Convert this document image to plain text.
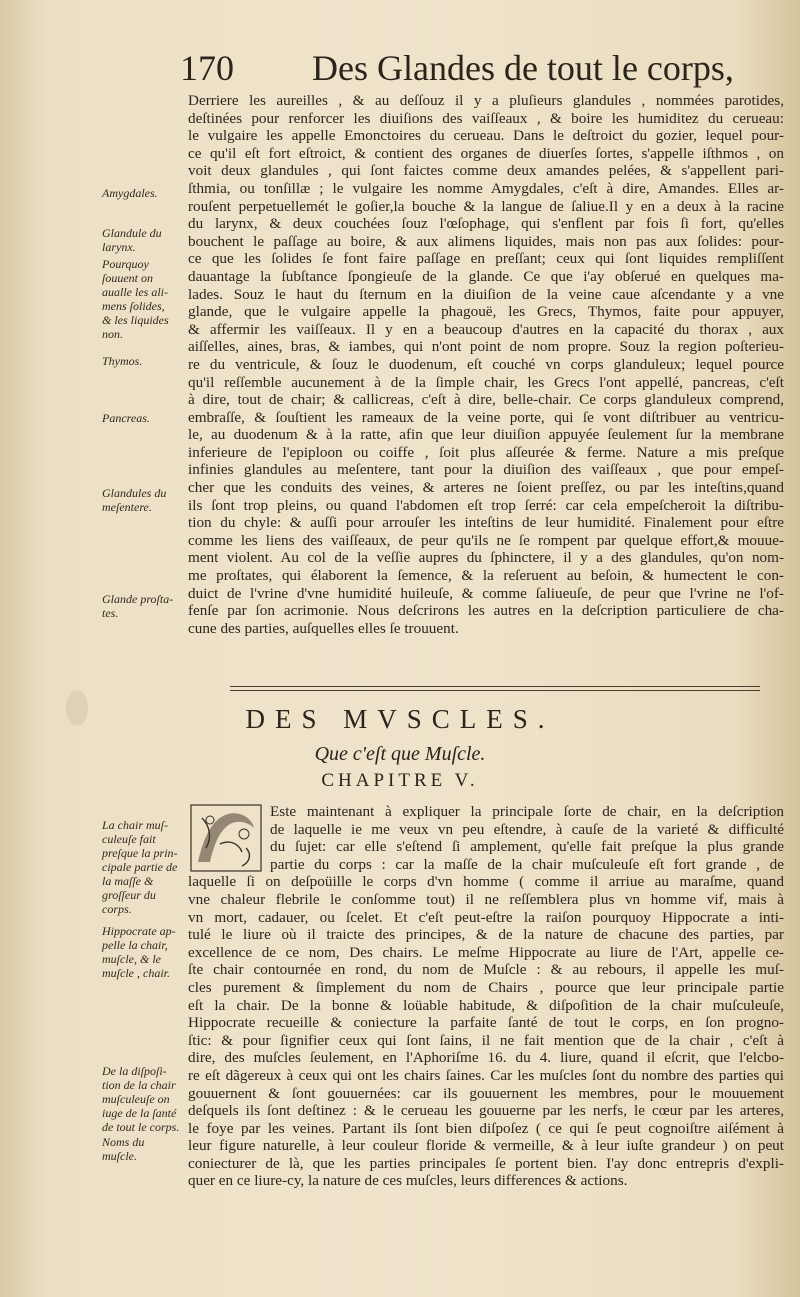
170 Des Glandes de tout le corps,
Derriere les aureilles , & au deſſouz il y a pluſieurs glandules , nommées parotides,
deſtinées pour renforcer les diuiſions des vaiſſeaux , & boire les humiditez du cerueau:
le vulgaire les appelle Emonctoires du cerueau. Dans le deſtroict du gozier, lequel pour-
ce qu'il eſt fort eſtroict, & contient des organes de diuerſes ſortes, s'appelle iſthmos , on
voit deux glandules , qui ſont faictes comme deux amandes pelées, & s'appellent pari-
ſthmia, ou tonſillæ ; le vulgaire les nomme Amygdales, c'eſt à dire, Amandes. Elles ar-
rouſent perpetuellemét le goſier,la bouche & la langue de ſaliue.Il y en a deux à la racine
du larynx, & deux couchées ſouz l'œſophage, qui s'enflent par fois ſi fort, qu'elles
bouchent le paſſage au boire, & aux alimens liquides, mais non pas aux ſolides: pour-
ce que les ſolides ſe font faire paſſage en preſſant; ceux qui ſont liquides rempliſſent
dauantage la ſubſtance ſpongieuſe de la glande. Ce que i'ay obſerué en quelques ma-
lades. Souz le haut du ſternum en la diuiſion de la veine caue aſcendante y a vne
glande, que le vulgaire appelle la phagouë, les Grecs, Thymos, faite pour appuyer,
& affermir les vaiſſeaux. Il y en a beaucoup d'autres en la capacité du thorax , aux
aiſſelles, aines, bras, & iambes, qui n'ont point de nom propre. Souz la region poſterieu-
re du ventricule, & ſouz le duodenum, eſt couché vn corps glanduleux; lequel pource
qu'il reſſemble aucunement à de la ſimple chair, les Grecs l'ont appellé, pancreas, c'eſt
à dire, tout de chair; & callicreas, c'eſt à dire, belle-chair. Ce corps glanduleux comprend,
embraſſe, & ſouſtient les rameaux de la veine porte, qui ſe vont diſtribuer au ventricu-
le, au duodenum & à la ratte, afin que leur diuiſion appuyée ſeulement ſur la membrane
inferieure de l'epiploon ou coiffe , ſoit plus aſſeurée & ferme. Nature a mis preſque
infinies glandules au meſentere, tant pour la diuiſion des vaiſſeaux , que pour empeſ-
cher que les conduits des veines, & arteres ne ſoient preſſez, ou par les inteſtins,quand
ils ſont trop pleins, ou quand l'abdomen eſt trop ſerré: car cela empeſcheroit la diſtribu-
tion du chyle: & auſſi pour arrouſer les inteſtins de leur humidité. Finalement pour eſtre
comme les liens des vaiſſeaux, de peur qu'ils ne ſe rompent par quelque effort,& mouue-
ment violent. Au col de la veſſie aupres du ſphinctere, il y a des glandules, qu'on nom-
me proſtates, qui élaborent la ſemence, & la reſeruent au beſoin, & humectent le con-
duict de l'vrine d'vne humidité huileuſe, & comme ſaliueuſe, de peur que l'vrine ne l'of-
fenſe par ſon acrimonie. Nous deſcrirons les autres en la deſcription particuliere de cha-
cune des parties, auſquelles elles ſe trouuent.
DES MVSCLES.
Que c'eſt que Muſcle.
CHAPITRE V.
Este maintenant à expliquer la principale ſorte de chair, en la deſcription
de laquelle ie me veux vn peu eſtendre, à cauſe de la varieté & difficulté
du ſujet: car elle s'eſtend ſi amplement, qu'elle fait preſque la plus grande
partie du corps : car la maſſe de la chair muſculeuſe eſt fort grande , de
laquelle ſi on deſpoüille le corps d'vn homme ( comme il arriue au maraſme, quand
vne chaleur flebrile le conſomme tout) il ne reſſemblera plus vn homme vif, mais à
vn mort, cadauer, ou ſcelet. Et c'eſt peut-eſtre la raiſon pourquoy Hippocrate a inti-
tulé le liure où il traicte des principes, & de la nature de chacune des parties, par
excellence de ce nom, Des chairs. Le meſme Hippocrate au liure de l'Art, appelle ce-
ſte chair contournée en rond, du nom de Muſcle : & au rebours, il appelle les muſ-
cles purement & ſimplement du nom de Chairs , pource que leur principale partie
eſt la chair. De la bonne & loüable habitude, & diſpoſition de la chair muſculeuſe,
Hippocrate recueille & coniecture la parfaite ſanté de tout le corps, en ſon progno-
ſtic: & pour ſignifier ceux qui ſont ſains, il ne fait mention que de la chair , c'eſt à
dire, des muſcles ſeulement, en l'Aphoriſme 16. du 4. liure, quand il eſcrit, que l'elcbo-
re eſt dãgereux à ceux qui ont les chairs ſaines. Car les muſcles ſont du nombre des parties qui
gouuernent & ſont gouuernées: car ils gouuernent les membres, pour le mouuement
deſquels ils ſont deſtinez : & le cerueau les gouuerne par les nerfs, le cœur par les arteres,
le foye par les veines. Partant ils ſont bien diſpoſez ( ce qui ſe peut cognoiſtre aiſément à
leur figure naturelle, à leur couleur floride & vermeille, & à leur iuſte grandeur ) on peut
coniecturer de là, que les parties principales ſe portent bien. I'ay donc entrepris d'expli-
quer en ce liure-cy, la nature de ces muſcles, leurs differences & actions.
Amygdales.
Glandule du
larynx.
Pourquoy
ſouuent on
aualle les ali-
mens ſolides,
& les liquides
non.
Thymos.
Pancreas.
Glandules du
meſentere.
Glande proſta-
tes.
La chair muſ-
culeuſe fait
preſque la prin-
cipale partie de
la maſſe &
groſſeur du
corps.
Hippocrate ap-
pelle la chair,
muſcle, & le
muſcle , chair.
De la diſpoſi-
tion de la chair
muſculeuſe on
iuge de la ſanté
de tout le corps.
Noms du
muſcle.
